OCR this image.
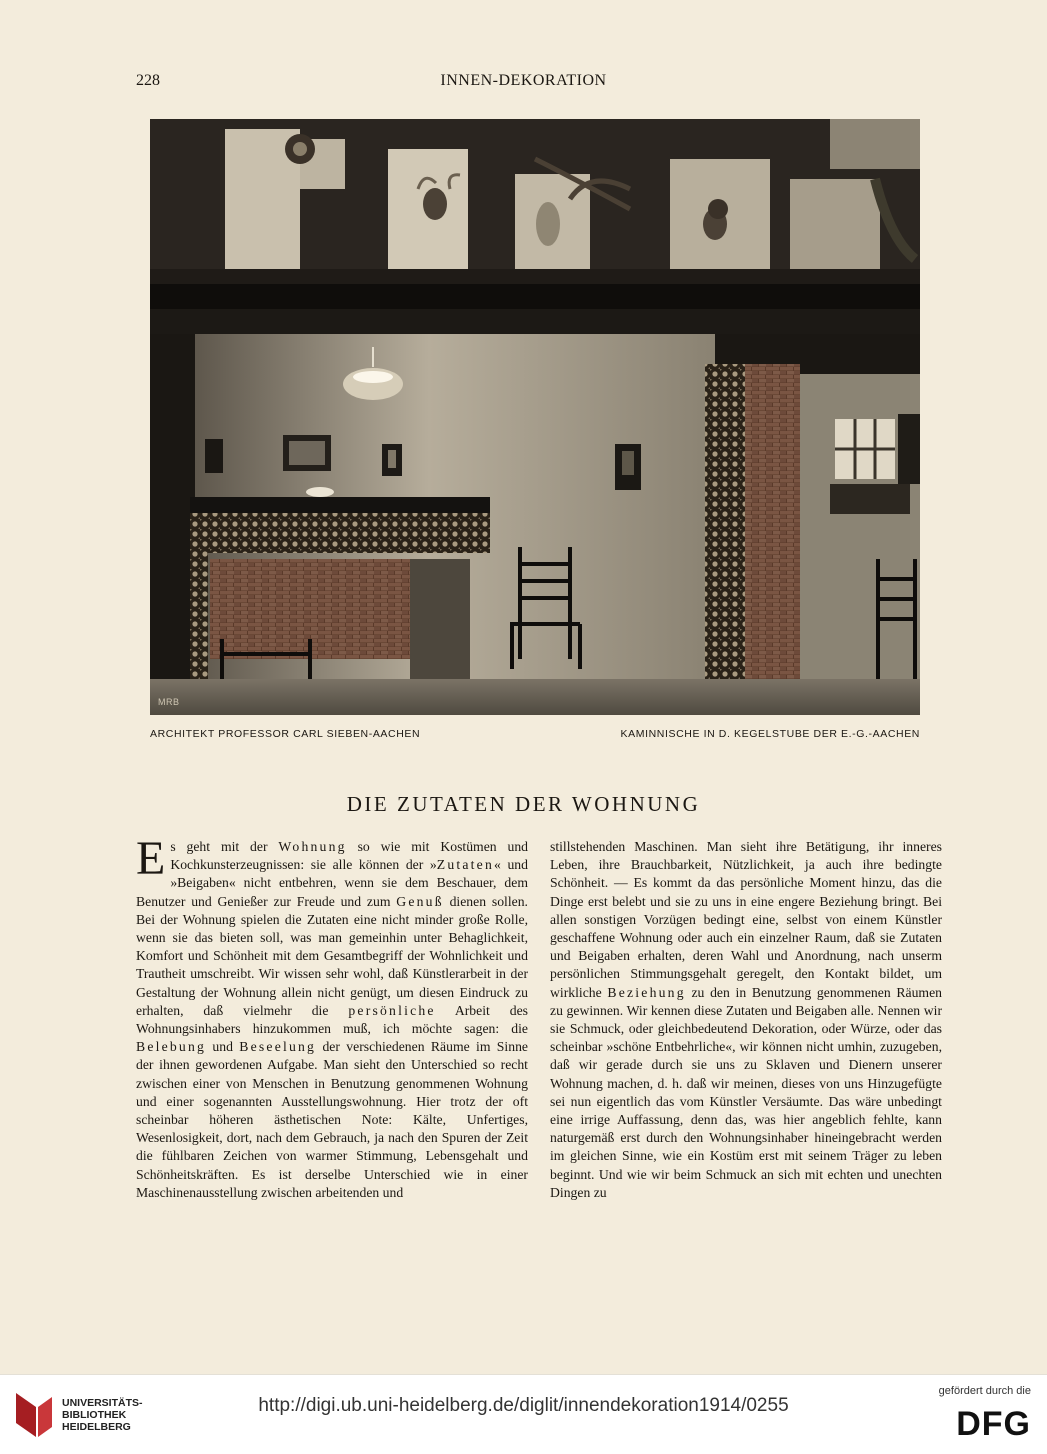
228	INNEN-DEKORATION
MRB
ARCHITEKT PROFESSOR CARL SIEBEN-AACHEN	KAMINNISCHE IN D. KEGELSTUBE DER E.-G.-AACHEN
DIE ZUTATEN DER WOHNUNG

Es geht mit der Wohnung so wie mit Kostümen und Kochkunsterzeugnissen: sie alle können der »Zutaten« und »Beigaben« nicht entbehren, wenn sie dem Beschauer, dem Benutzer und Genießer zur Freude und zum Genuß dienen sollen. Bei der Wohnung spielen die Zutaten eine nicht minder große Rolle, wenn sie das bieten soll, was man gemeinhin unter Behaglichkeit, Komfort und Schönheit mit dem Gesamtbegriff der Wohnlichkeit und Trautheit umschreibt. Wir wissen sehr wohl, daß Künstlerarbeit in der Gestaltung der Wohnung allein nicht genügt, um diesen Eindruck zu erhalten, daß vielmehr die persönliche Arbeit des Wohnungsinhabers hinzukommen muß, ich möchte sagen: die Belebung und Beseelung der verschiedenen Räume im Sinne der ihnen gewordenen Aufgabe. Man sieht den Unterschied so recht zwischen einer von Menschen in Benutzung genommenen Wohnung und einer sogenannten Ausstellungswohnung. Hier trotz der oft scheinbar höheren ästhetischen Note: Kälte, Unfertiges, Wesenlosigkeit, dort, nach dem Gebrauch, ja nach den Spuren der Zeit die fühlbaren Zeichen von warmer Stimmung, Lebensgehalt und Schönheitskräften. Es ist derselbe Unterschied wie in einer Maschinenausstellung zwischen arbeitenden und

stillstehenden Maschinen. Man sieht ihre Betätigung, ihr inneres Leben, ihre Brauchbarkeit, Nützlichkeit, ja auch ihre bedingte Schönheit. — Es kommt da das persönliche Moment hinzu, das die Dinge erst belebt und sie zu uns in eine engere Beziehung bringt. Bei allen sonstigen Vorzügen bedingt eine, selbst von einem Künstler geschaffene Wohnung oder auch ein einzelner Raum, daß sie Zutaten und Beigaben erhalten, deren Wahl und Anordnung, nach unserm persönlichen Stimmungsgehalt geregelt, den Kontakt bildet, um wirkliche Beziehung zu den in Benutzung genommenen Räumen zu gewinnen. Wir kennen diese Zutaten und Beigaben alle. Nennen wir sie Schmuck, oder gleichbedeutend Dekoration, oder Würze, oder das scheinbar »schöne Entbehrliche«, wir können nicht umhin, zuzugeben, daß wir gerade durch sie uns zu Sklaven und Dienern unserer Wohnung machen, d. h. daß wir meinen, dieses von uns Hinzugefügte sei nun eigentlich das vom Künstler Versäumte. Das wäre unbedingt eine irrige Auffassung, denn das, was hier angeblich fehlte, kann naturgemäß erst durch den Wohnungsinhaber hineingebracht werden im gleichen Sinne, wie ein Kostüm erst mit seinem Träger zu leben beginnt. Und wie wir beim Schmuck an sich mit echten und unechten Dingen zu

UNIVERSITÄTS-
BIBLIOTHEK
HEIDELBERG
http://digi.ub.uni-heidelberg.de/diglit/innendekoration1914/0255
gefördert durch die
DFG
